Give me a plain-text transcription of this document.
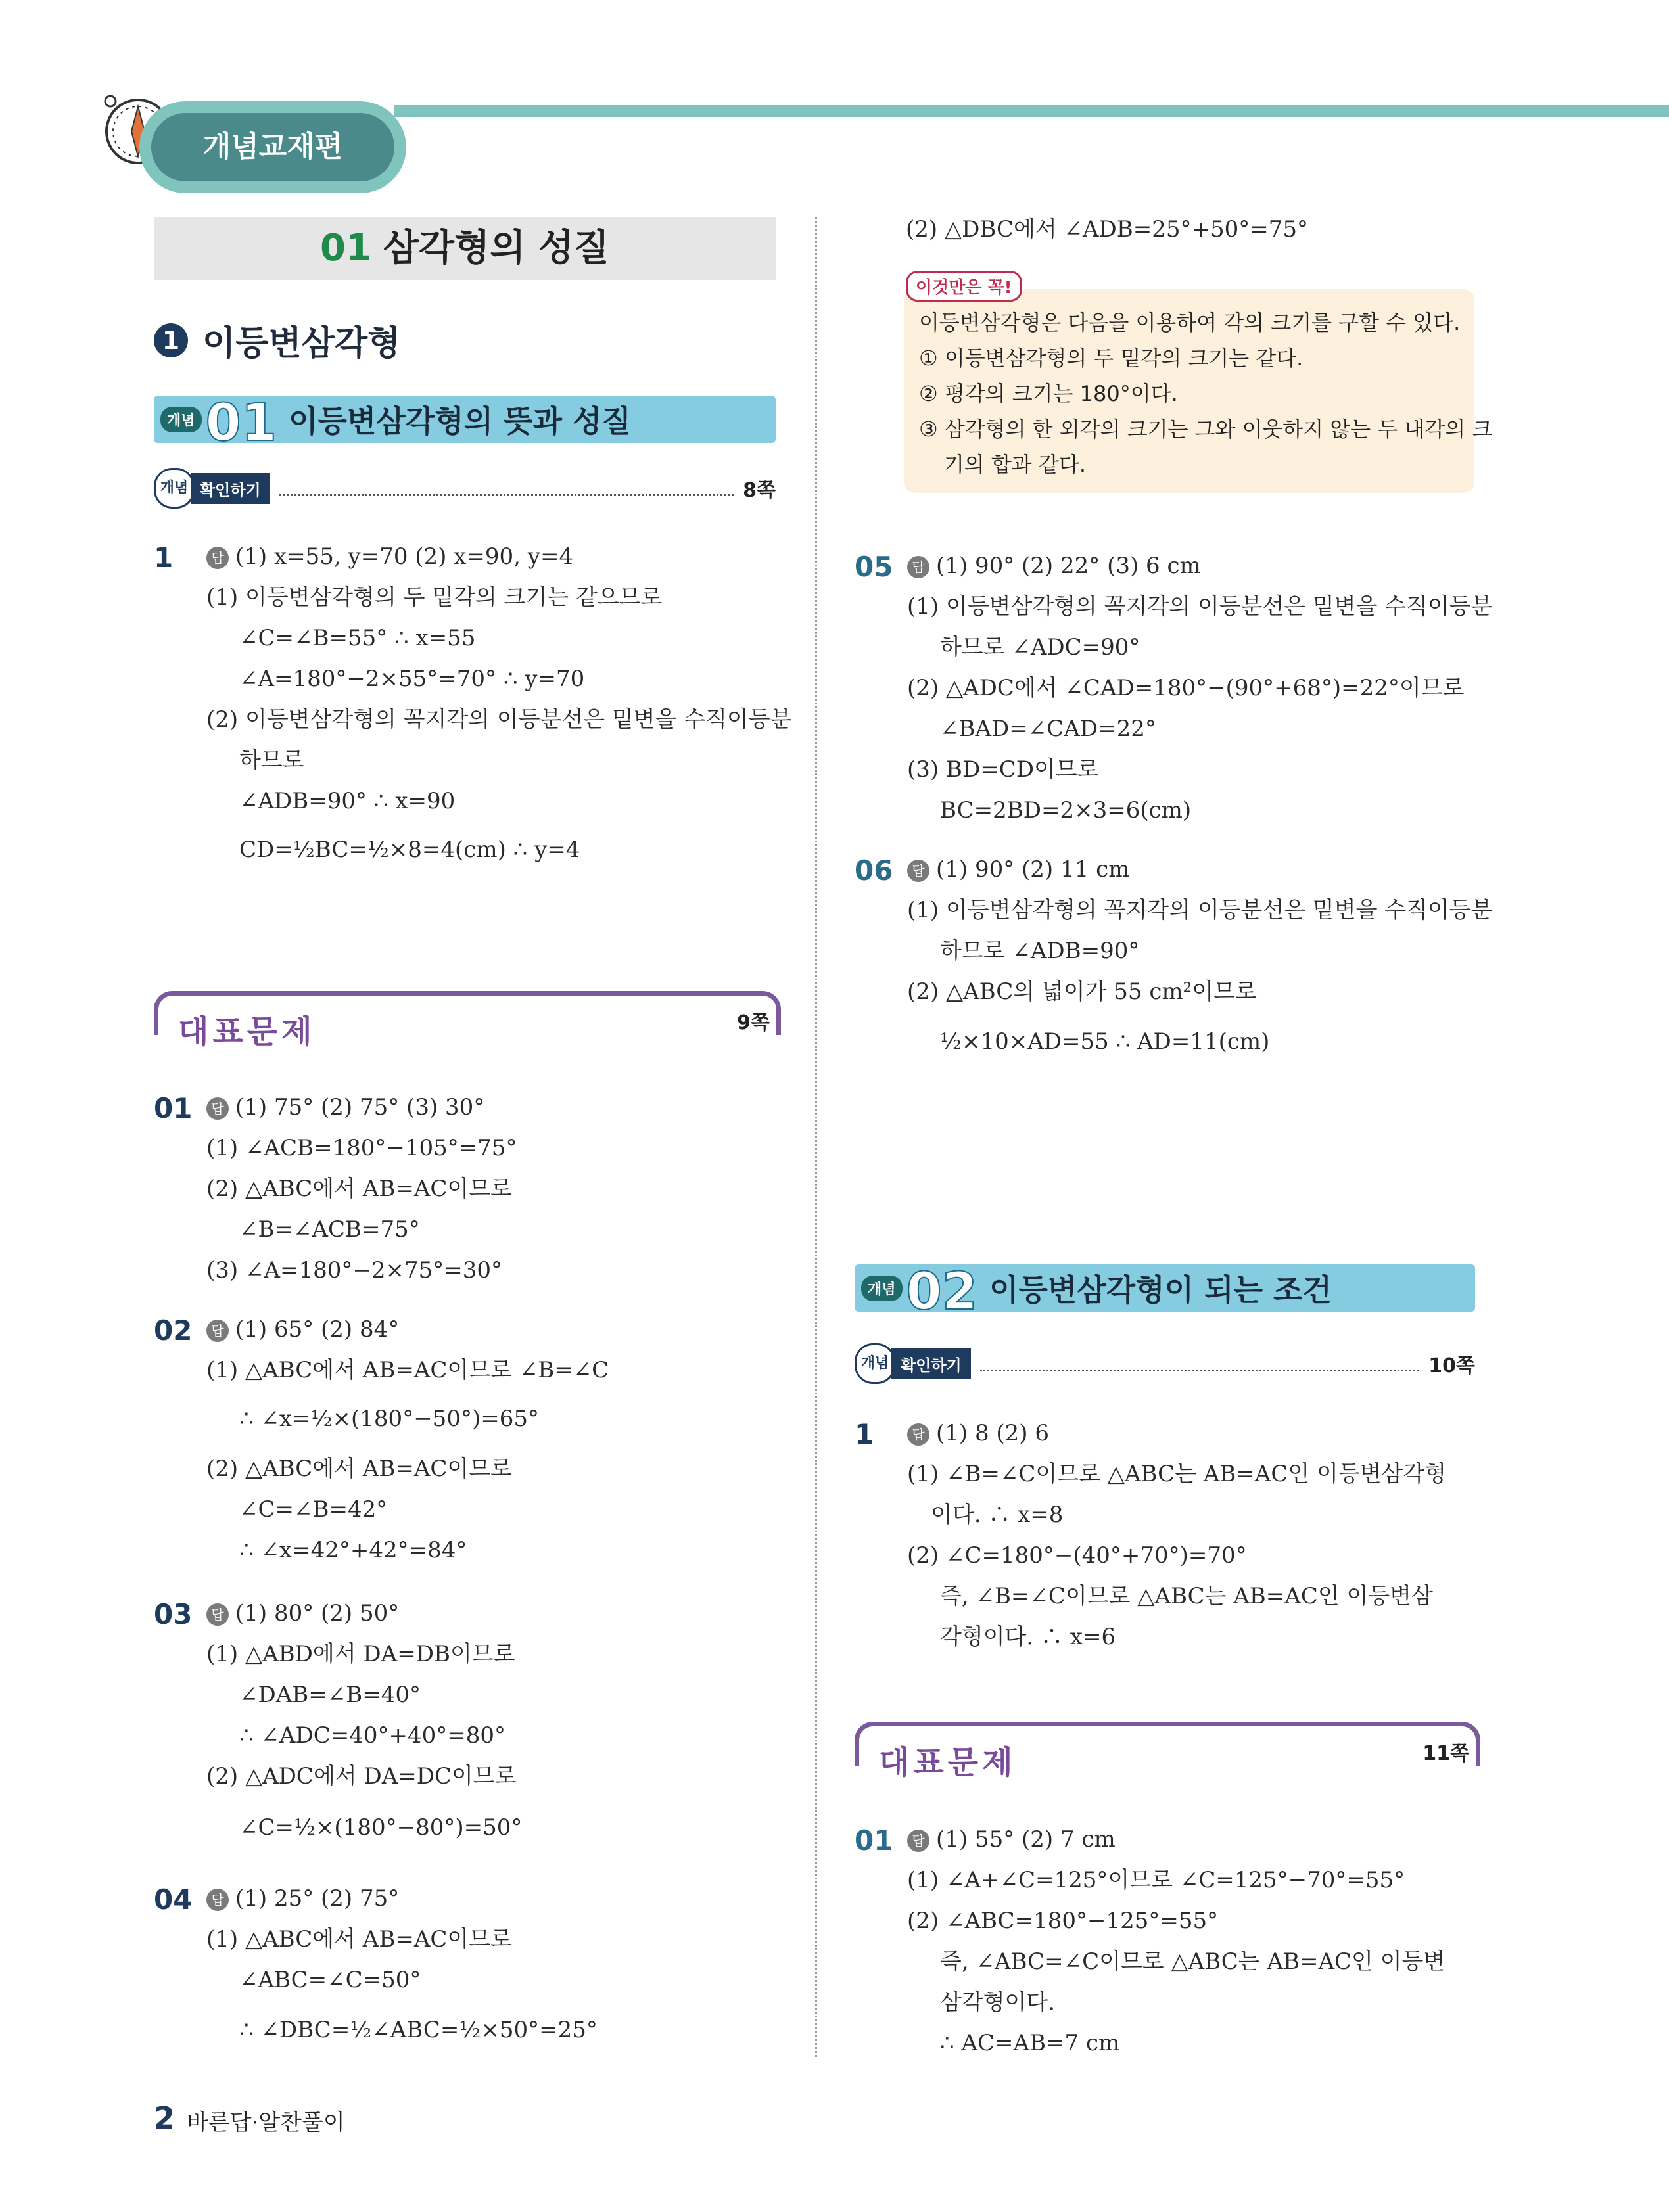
개념교재편
01 삼각형의 성질
1 이등변삼각형
개념 01 이등변삼각형의 뜻과 성질
개념 확인하기	8쪽
1	답 (1) x=55, y=70 (2) x=90, y=4
(1) 이등변삼각형의 두 밑각의 크기는 같으므로
∠C=∠B=55° ∴ x=55
∠A=180°−2×55°=70° ∴ y=70
(2) 이등변삼각형의 꼭지각의 이등분선은 밑변을 수직이등분
하므로
∠ADB=90° ∴ x=90
CD=½BC=½×8=4(cm) ∴ y=4
대표문제	9쪽
01	답 (1) 75° (2) 75° (3) 30°
(1) ∠ACB=180°−105°=75°
(2) △ABC에서 AB=AC이므로
∠B=∠ACB=75°
(3) ∠A=180°−2×75°=30°
02	답 (1) 65° (2) 84°
(1) △ABC에서 AB=AC이므로 ∠B=∠C
∴ ∠x=½×(180°−50°)=65°
(2) △ABC에서 AB=AC이므로
∠C=∠B=42°
∴ ∠x=42°+42°=84°
03	답 (1) 80° (2) 50°
(1) △ABD에서 DA=DB이므로
∠DAB=∠B=40°
∴ ∠ADC=40°+40°=80°
(2) △ADC에서 DA=DC이므로
∠C=½×(180°−80°)=50°
04	답 (1) 25° (2) 75°
(1) △ABC에서 AB=AC이므로
∠ABC=∠C=50°
∴ ∠DBC=½∠ABC=½×50°=25°
(2) △DBC에서 ∠ADB=25°+50°=75°
이것만은 꼭!
이등변삼각형은 다음을 이용하여 각의 크기를 구할 수 있다.
① 이등변삼각형의 두 밑각의 크기는 같다.
② 평각의 크기는 180°이다.
③ 삼각형의 한 외각의 크기는 그와 이웃하지 않는 두 내각의 크
기의 합과 같다.
05	답 (1) 90° (2) 22° (3) 6 cm
(1) 이등변삼각형의 꼭지각의 이등분선은 밑변을 수직이등분
하므로 ∠ADC=90°
(2) △ADC에서 ∠CAD=180°−(90°+68°)=22°이므로
∠BAD=∠CAD=22°
(3) BD=CD이므로
BC=2BD=2×3=6(cm)
06	답 (1) 90° (2) 11 cm
(1) 이등변삼각형의 꼭지각의 이등분선은 밑변을 수직이등분
하므로 ∠ADB=90°
(2) △ABC의 넓이가 55 cm²이므로
½×10×AD=55 ∴ AD=11(cm)
개념 02 이등변삼각형이 되는 조건
개념 확인하기	10쪽
1	답 (1) 8 (2) 6
(1) ∠B=∠C이므로 △ABC는 AB=AC인 이등변삼각형
이다. ∴ x=8
(2) ∠C=180°−(40°+70°)=70°
즉, ∠B=∠C이므로 △ABC는 AB=AC인 이등변삼
각형이다. ∴ x=6
대표문제	11쪽
01	답 (1) 55° (2) 7 cm
(1) ∠A+∠C=125°이므로 ∠C=125°−70°=55°
(2) ∠ABC=180°−125°=55°
즉, ∠ABC=∠C이므로 △ABC는 AB=AC인 이등변
삼각형이다.
∴ AC=AB=7 cm
2 바른답·알찬풀이
